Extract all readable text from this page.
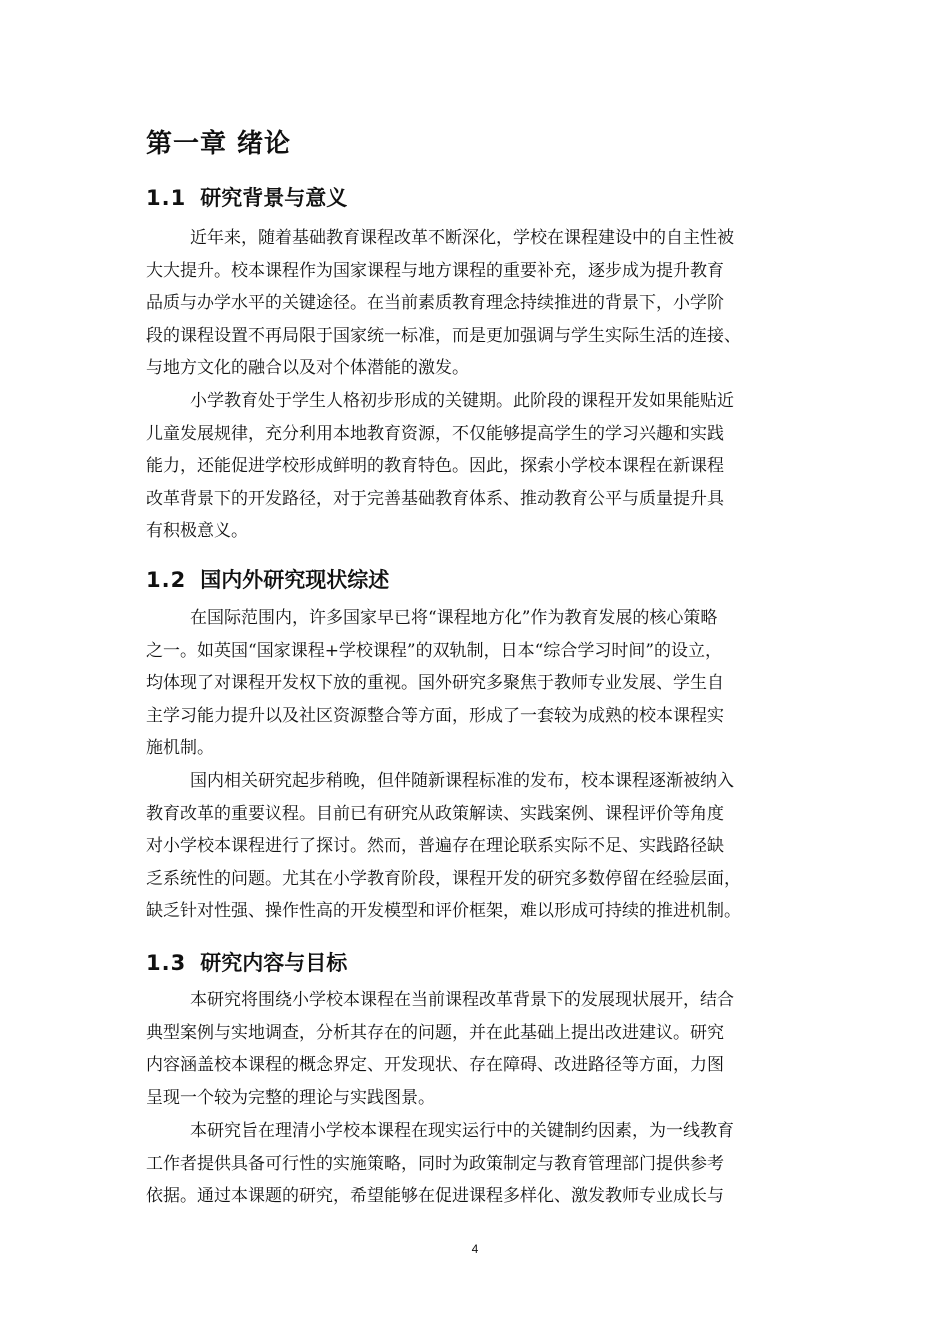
第一章 绪论
1.1 研究背景与意义
近年来，随着基础教育课程改革不断深化，学校在课程建设中的自主性被
大大提升。校本课程作为国家课程与地方课程的重要补充，逐步成为提升教育
品质与办学水平的关键途径。在当前素质教育理念持续推进的背景下，小学阶
段的课程设置不再局限于国家统一标准，而是更加强调与学生实际生活的连接、
与地方文化的融合以及对个体潜能的激发。
小学教育处于学生人格初步形成的关键期。此阶段的课程开发如果能贴近
儿童发展规律，充分利用本地教育资源，不仅能够提高学生的学习兴趣和实践
能力，还能促进学校形成鲜明的教育特色。因此，探索小学校本课程在新课程
改革背景下的开发路径，对于完善基础教育体系、推动教育公平与质量提升具
有积极意义。
1.2 国内外研究现状综述
在国际范围内，许多国家早已将“课程地方化”作为教育发展的核心策略
之一。如英国“国家课程+学校课程”的双轨制，日本“综合学习时间”的设立，
均体现了对课程开发权下放的重视。国外研究多聚焦于教师专业发展、学生自
主学习能力提升以及社区资源整合等方面，形成了一套较为成熟的校本课程实
施机制。
国内相关研究起步稍晚，但伴随新课程标准的发布，校本课程逐渐被纳入
教育改革的重要议程。目前已有研究从政策解读、实践案例、课程评价等角度
对小学校本课程进行了探讨。然而，普遍存在理论联系实际不足、实践路径缺
乏系统性的问题。尤其在小学教育阶段，课程开发的研究多数停留在经验层面，
缺乏针对性强、操作性高的开发模型和评价框架，难以形成可持续的推进机制。
1.3 研究内容与目标
本研究将围绕小学校本课程在当前课程改革背景下的发展现状展开，结合
典型案例与实地调查，分析其存在的问题，并在此基础上提出改进建议。研究
内容涵盖校本课程的概念界定、开发现状、存在障碍、改进路径等方面，力图
呈现一个较为完整的理论与实践图景。
本研究旨在理清小学校本课程在现实运行中的关键制约因素，为一线教育
工作者提供具备可行性的实施策略，同时为政策制定与教育管理部门提供参考
依据。通过本课题的研究，希望能够在促进课程多样化、激发教师专业成长与
4
